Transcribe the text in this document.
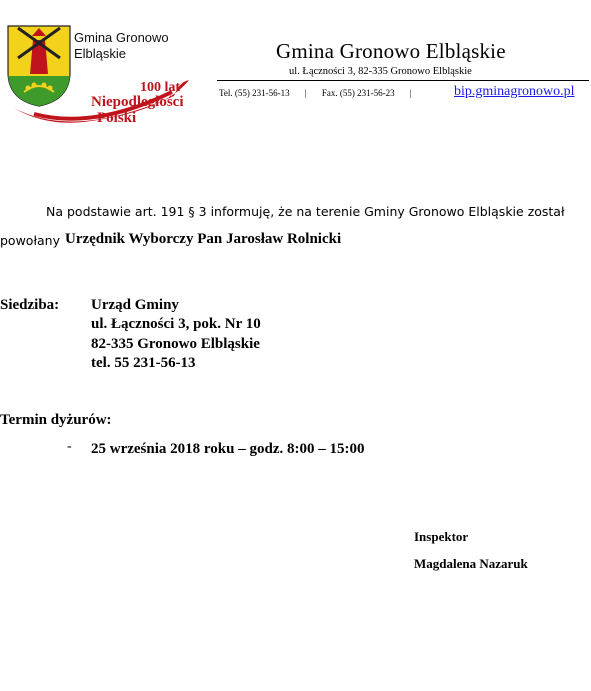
Gmina Gronowo
Elbląskie
100 lat
Niepodległości
Polski
Gmina Gronowo Elbląskie
ul. Łączności 3, 82-335 Gronowo Elbląskie
Tel. (55) 231-56-13 | Fax. (55) 231-56-23 |	bip.gminagronowo.pl
Na podstawie art. 191 § 3 informuję, że na terenie Gminy Gronowo Elbląskie został
powołany Urzędnik Wyborczy Pan Jarosław Rolnicki
Siedziba: Urząd Gminy
ul. Łączności 3, pok. Nr 10
82-335 Gronowo Elbląskie
tel. 55 231-56-13
Termin dyżurów:
- 25 września 2018 roku – godz. 8:00 – 15:00
Inspektor
Magdalena Nazaruk
